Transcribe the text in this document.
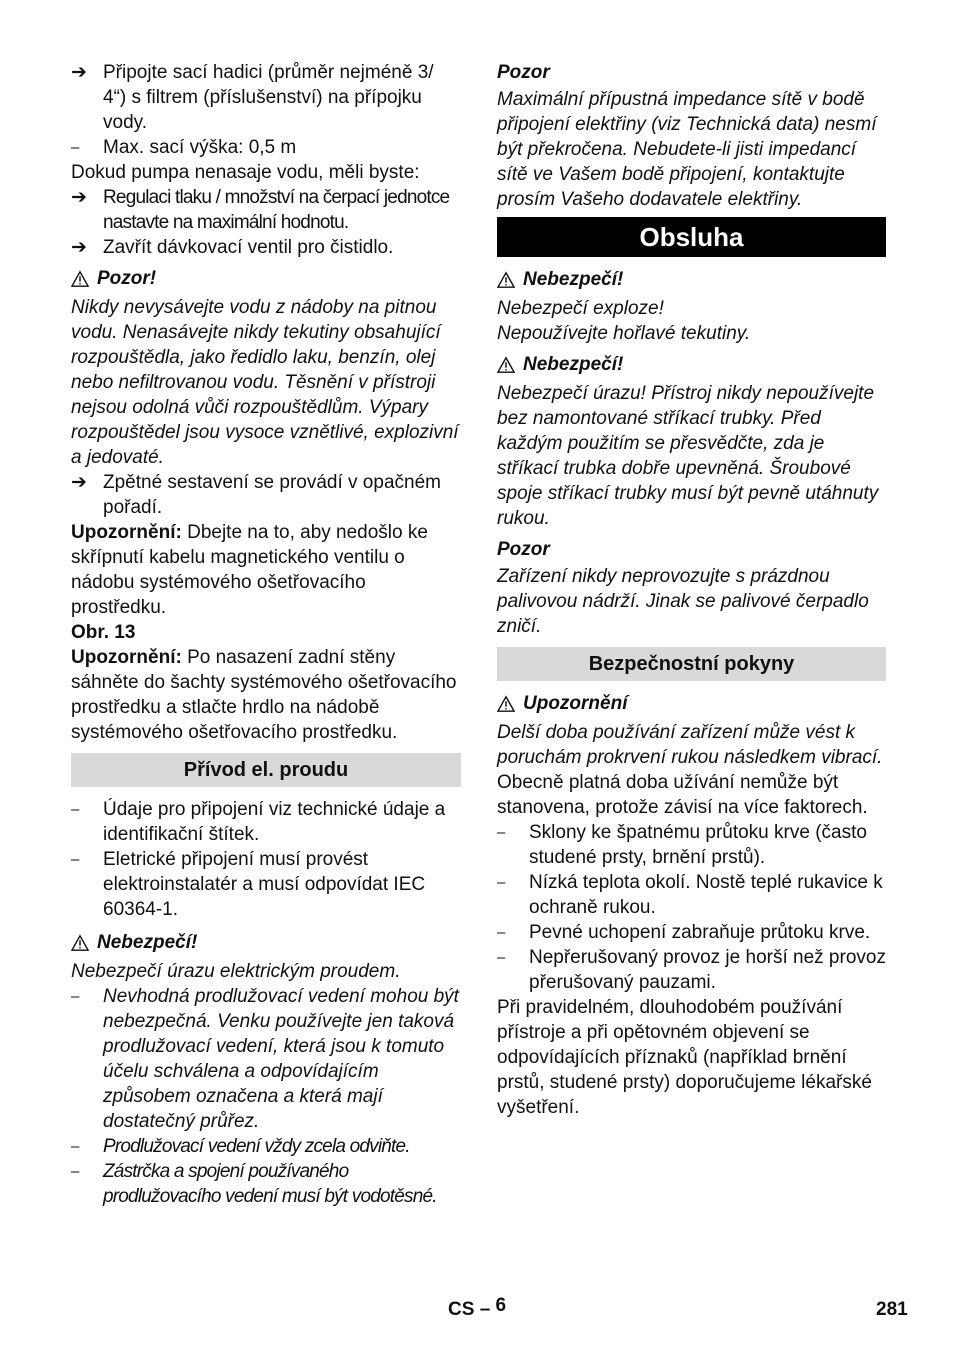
➔ Připojte sací hadici (průměr nejméně 3/ 4“) s filtrem (příslušenství) na přípojku vody.

–	Max. sací výška: 0,5 m

Dokud pumpa nenasaje vodu, měli byste:

➔ Regulaci tlaku / množství na čerpací jednotce nastavte na maximální hodnotu.

➔ Zavřít dávkovací ventil pro čistidlo.

Pozor!

Nikdy nevysávejte vodu z nádoby na pitnou vodu. Nenasávejte nikdy tekutiny obsahující rozpouštědla, jako ředidlo laku, benzín, olej nebo nefiltrovanou vodu. Těsnění v přístroji nejsou odolná vůči rozpouštědlům. Výpary rozpouštědel jsou vysoce vznětlivé, explozivní a jedovaté.

➔ Zpětné sestavení se provádí v opačném pořadí.

Upozornění: Dbejte na to, aby nedošlo ke skřípnutí kabelu magnetického ventilu o nádobu systémového ošetřovacího prostředku.

Obr. 13

Upozornění: Po nasazení zadní stěny sáhněte do šachty systémového ošetřovacího prostředku a stlačte hrdlo na nádobě systémového ošetřovacího prostředku.

Přívod el. proudu
–	Údaje pro připojení viz technické údaje a identifikační štítek.

–	Eletrické připojení musí provést elektroinstalatér a musí odpovídat IEC 60364-1.

Nebezpečí!

Nebezpečí úrazu elektrickým proudem.

–	Nevhodná prodlužovací vedení mohou být nebezpečná. Venku používejte jen taková prodlužovací vedení, která jsou k tomuto účelu schválena a odpovídajícím způsobem označena a která mají dostatečný průřez.

–	Prodlužovací vedení vždy zcela odviňte.

–	Zástrčka a spojení používaného prodlužovacího vedení musí být vodotěsné.

Pozor

Maximální přípustná impedance sítě v bodě připojení elektřiny (viz Technická data) nesmí být překročena. Nebudete-li jisti impedancí sítě ve Vašem bodě připojení, kontaktujte prosím Vašeho dodavatele elektřiny.

Obsluha
Nebezpečí!

Nebezpečí exploze!

Nepoužívejte hořlavé tekutiny.

Nebezpečí!

Nebezpečí úrazu! Přístroj nikdy nepoužívejte bez namontované stříkací trubky. Před každým použitím se přesvědčte, zda je stříkací trubka dobře upevněná. Šroubové spoje stříkací trubky musí být pevně utáhnuty rukou.

Pozor

Zařízení nikdy neprovozujte s prázdnou palivovou nádrží. Jinak se palivové čerpadlo zničí.

Bezpečnostní pokyny
Upozornění

Delší doba používání zařízení může vést k poruchám prokrvení rukou následkem vibrací.

Obecně platná doba užívání nemůže být stanovena, protože závisí na více faktorech.

–	Sklony ke špatnému průtoku krve (často studené prsty, brnění prstů).

–	Nízká teplota okolí. Nostě teplé rukavice k ochraně rukou.

–	Pevné uchopení zabraňuje průtoku krve.

–	Nepřerušovaný provoz je horší než provoz přerušovaný pauzami.

Při pravidelném, dlouhodobém používání přístroje a při opětovném objevení se odpovídajících příznaků (například brnění prstů, studené prsty) doporučujeme lékařské vyšetření.

CS – 6	281
